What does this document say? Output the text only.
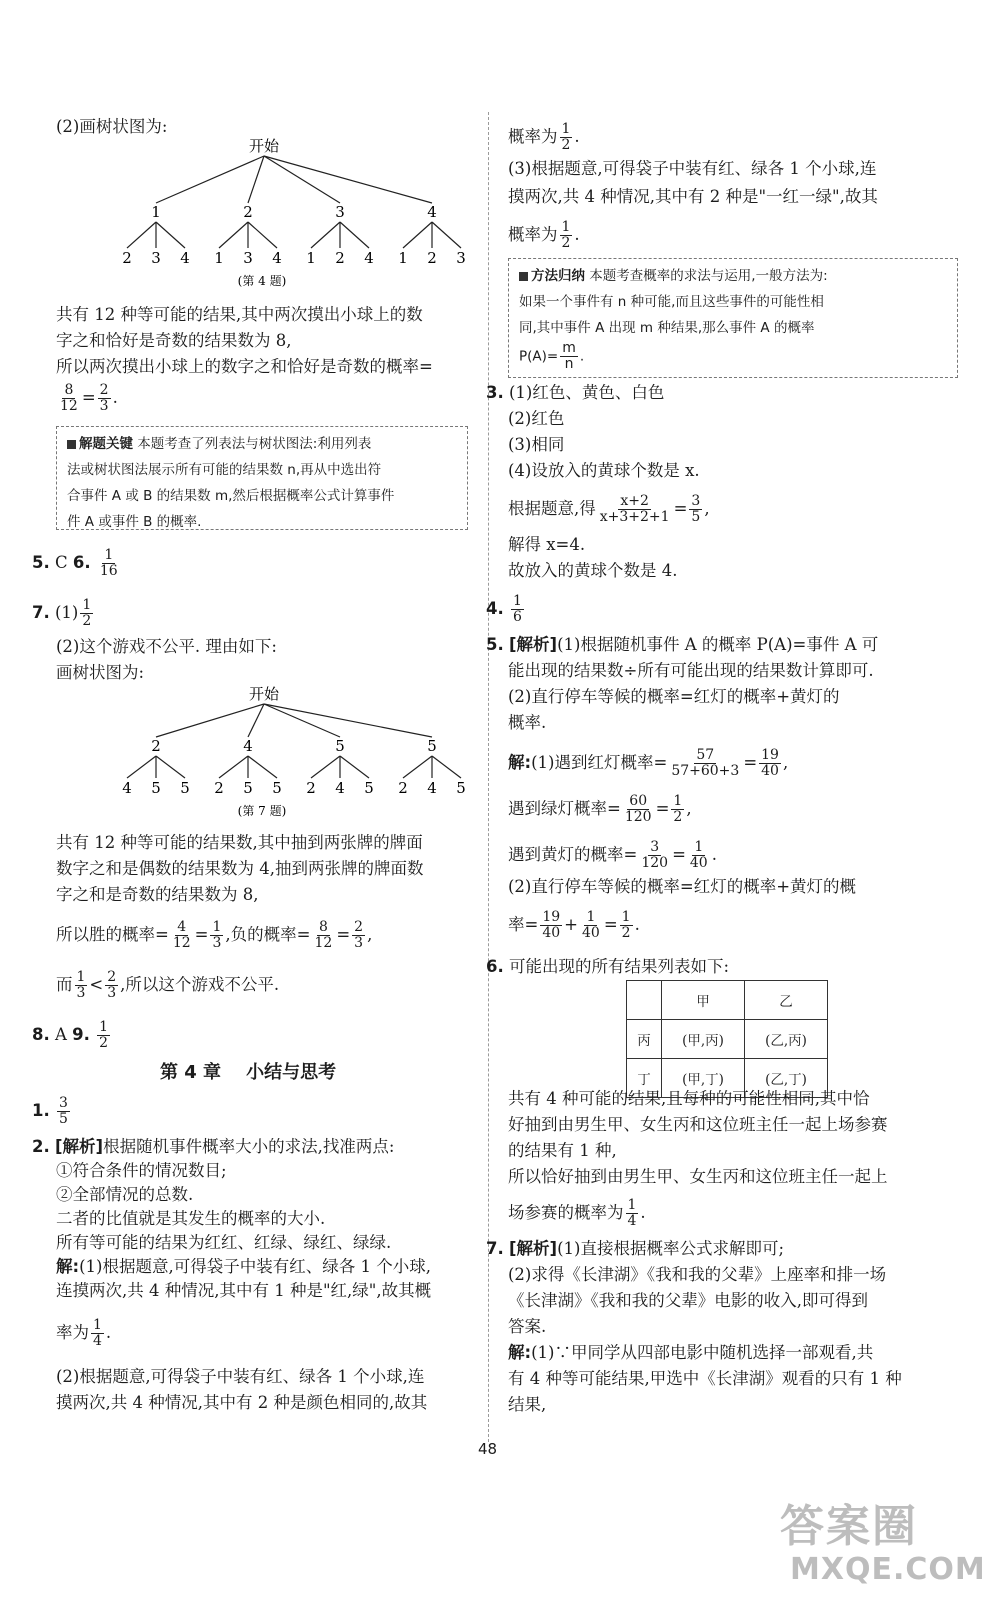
(2)画树状图为:
开始
1
2 3 4
2
1 3 4
3
1 2 4
4
1 2 3
(第 4 题)
共有 12 种等可能的结果,其中两次摸出小球上的数
字之和恰好是奇数的结果数为 8,
所以两次摸出小球上的数字之和恰好是奇数的概率=
$\frac{8}{12} = \frac{2}{3}$ .
解题关键 本题考查了列表法与树状图法:利用列表
法或树状图法展示所有可能的结果数 n,再从中选出符
合事件 A 或 B 的结果数 m,然后根据概率公式计算事件
件 A 或事件 B 的概率.
5. C 6. $\frac{1}{16}$
7. $(1) \frac{1}{2}$
(2)这个游戏不公平. 理由如下:
画树状图为:
开始
2
4 5 5
4
2 5 5
5
2 4 5
5
2 4 5
(第 7 题)
共有 12 种等可能的结果数,其中抽到两张牌的牌面
数字之和是偶数的结果数为 4,抽到两张牌的牌面数
字之和是奇数的结果数为 8,
所以胜的概率= $\frac{4}{12} = \frac{1}{3}$ ,负的概率= $\frac{8}{12} = \frac{2}{3}$ ,
而 $\frac{1}{3} < \frac{2}{3}$ ,所以这个游戏不公平.
8. A 9. $\frac{1}{2}$
第 4 章    小结与思考
1. $\frac{3}{5}$
2. [解析]根据随机事件概率大小的求法,找准两点:
①符合条件的情况数目;
②全部情况的总数.
二者的比值就是其发生的概率的大小.
所有等可能的结果为红红、红绿、绿红、绿绿.
解:(1)根据题意,可得袋子中装有红、绿各 1 个小球,
连摸两次,共 4 种情况,其中有 1 种是"红,绿",故其概
率为 $\frac{1}{4}$ .
(2)根据题意,可得袋子中装有红、绿各 1 个小球,连
摸两次,共 4 种情况,其中有 2 种是颜色相同的,故其
概率为 $\frac{1}{2}$ .
(3)根据题意,可得袋子中装有红、绿各 1 个小球,连
摸两次,共 4 种情况,其中有 2 种是"一红一绿",故其
概率为 $\frac{1}{2}$ .
方法归纳 本题考查概率的求法与运用,一般方法为:
如果一个事件有 n 种可能,而且这些事件的可能性相
同,其中事件 A 出现 m 种结果,那么事件 A 的概率
$P(A)= \frac{m}{n}$ .
3. (1)红色、黄色、白色
(2)红色
(3)相同
(4)设放入的黄球个数是 x.
根据题意,得 $\frac{x+2}{x+3+2+1} = \frac{3}{5}$ ,
解得 x=4.
故放入的黄球个数是 4.
4. $\frac{1}{6}$
5. [解析](1)根据随机事件 A 的概率 P(A)=事件 A 可
能出现的结果数÷所有可能出现的结果数计算即可.
(2)直行停车等候的概率=红灯的概率+黄灯的
概率.
解:(1)遇到红灯概率= $\frac{57}{57+60+3} = \frac{19}{40}$ ,
遇到绿灯概率= $\frac{60}{120} = \frac{1}{2}$ ,
遇到黄灯的概率= $\frac{3}{120} = \frac{1}{40}$ .
(2)直行停车等候的概率=红灯的概率+黄灯的概
率= $\frac{19}{40} + \frac{1}{40} = \frac{1}{2}$ .
6. 可能出现的所有结果列表如下:
	甲	乙
丙	(甲,丙)	(乙,丙)
丁	(甲,丁)	(乙,丁)
共有 4 种可能的结果,且每种的可能性相同,其中恰
好抽到由男生甲、女生丙和这位班主任一起上场参赛
的结果有 1 种,
所以恰好抽到由男生甲、女生丙和这位班主任一起上
场参赛的概率为 $\frac{1}{4}$ .
7. [解析](1)直接根据概率公式求解即可;
(2)求得《长津湖》《我和我的父辈》上座率和排一场
《长津湖》《我和我的父辈》电影的收入,即可得到
答案.
解:(1)∵甲同学从四部电影中随机选择一部观看,共
有 4 种等可能结果,甲选中《长津湖》观看的只有 1 种
结果,
48
答案圈
MXQE.COM
